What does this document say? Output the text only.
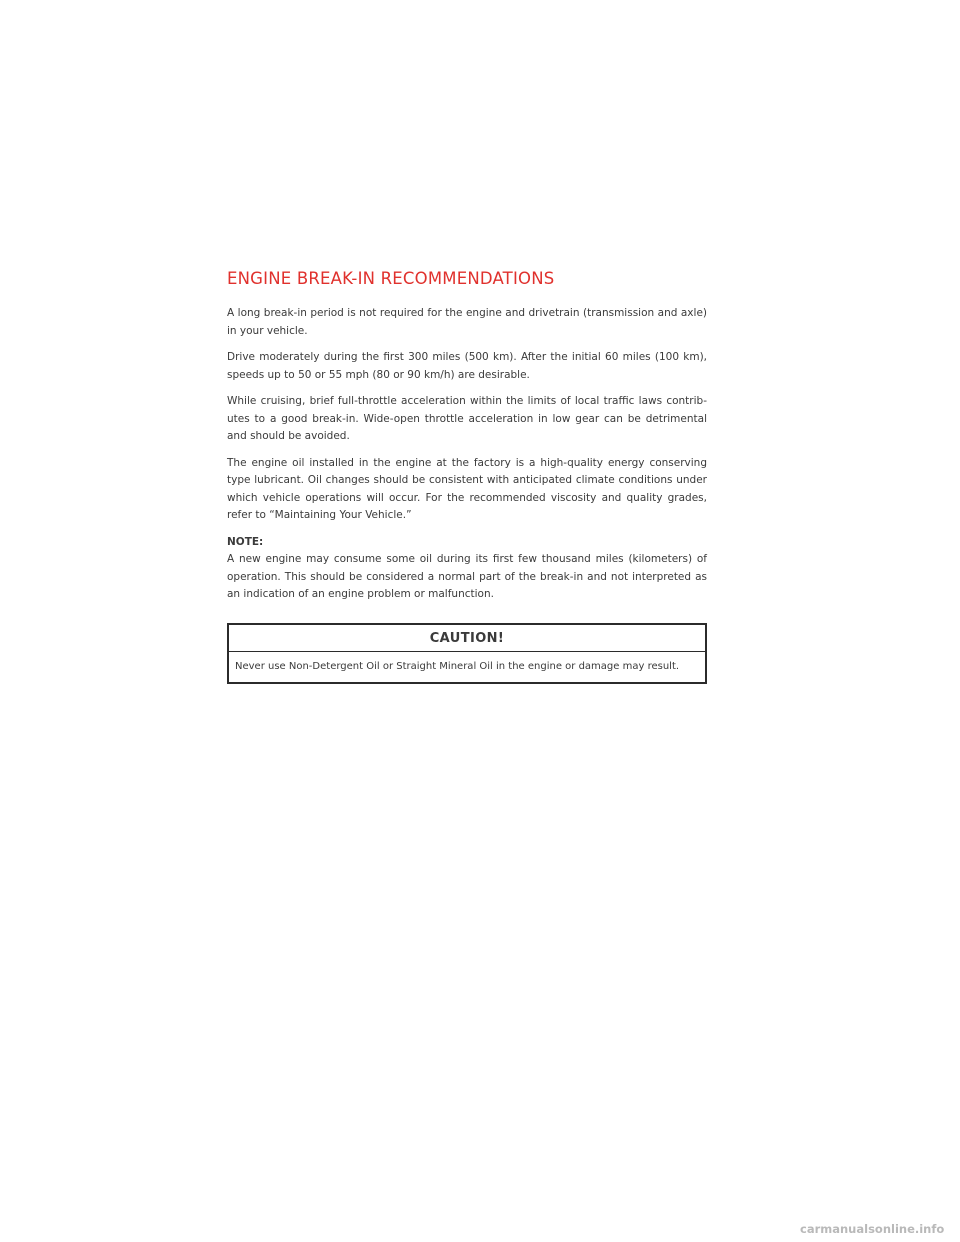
ENGINE BREAK-IN RECOMMENDATIONS

A long break-in period is not required for the engine and drivetrain (transmission and axle) in your vehicle.

Drive moderately during the first 300 miles (500 km). After the initial 60 miles (100 km), speeds up to 50 or 55 mph (80 or 90 km/h) are desirable.

While cruising, brief full-throttle acceleration within the limits of local traffic laws contrib-utes to a good break-in. Wide-open throttle acceleration in low gear can be detrimental and should be avoided.

The engine oil installed in the engine at the factory is a high-quality energy conserving type lubricant. Oil changes should be consistent with anticipated climate conditions under which vehicle operations will occur. For the recommended viscosity and quality grades, refer to “Maintaining Your Vehicle.”

NOTE:

A new engine may consume some oil during its first few thousand miles (kilometers) of operation. This should be considered a normal part of the break-in and not interpreted as an indication of an engine problem or malfunction.

CAUTION!

Never use Non-Detergent Oil or Straight Mineral Oil in the engine or damage may result.

carmanualsonline.info
